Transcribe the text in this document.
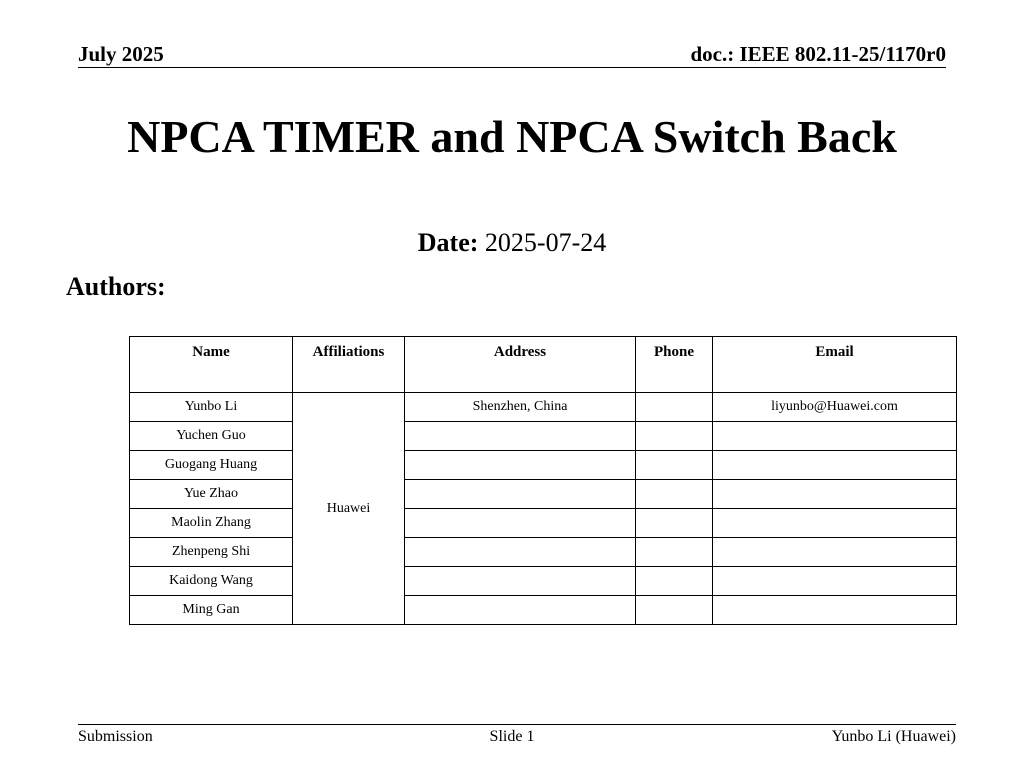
July 2025	doc.: IEEE 802.11-25/1170r0
NPCA TIMER and NPCA Switch Back
Date: 2025-07-24
Authors:
Name	Affiliations	Address	Phone	Email
Yunbo Li	Huawei	Shenzhen, China		liyunbo@Huawei.com
Yuchen Guo				
Guogang Huang				
Yue Zhao				
Maolin Zhang				
Zhenpeng Shi				
Kaidong Wang				
Ming Gan				
Submission	Slide 1	Yunbo Li (Huawei)
